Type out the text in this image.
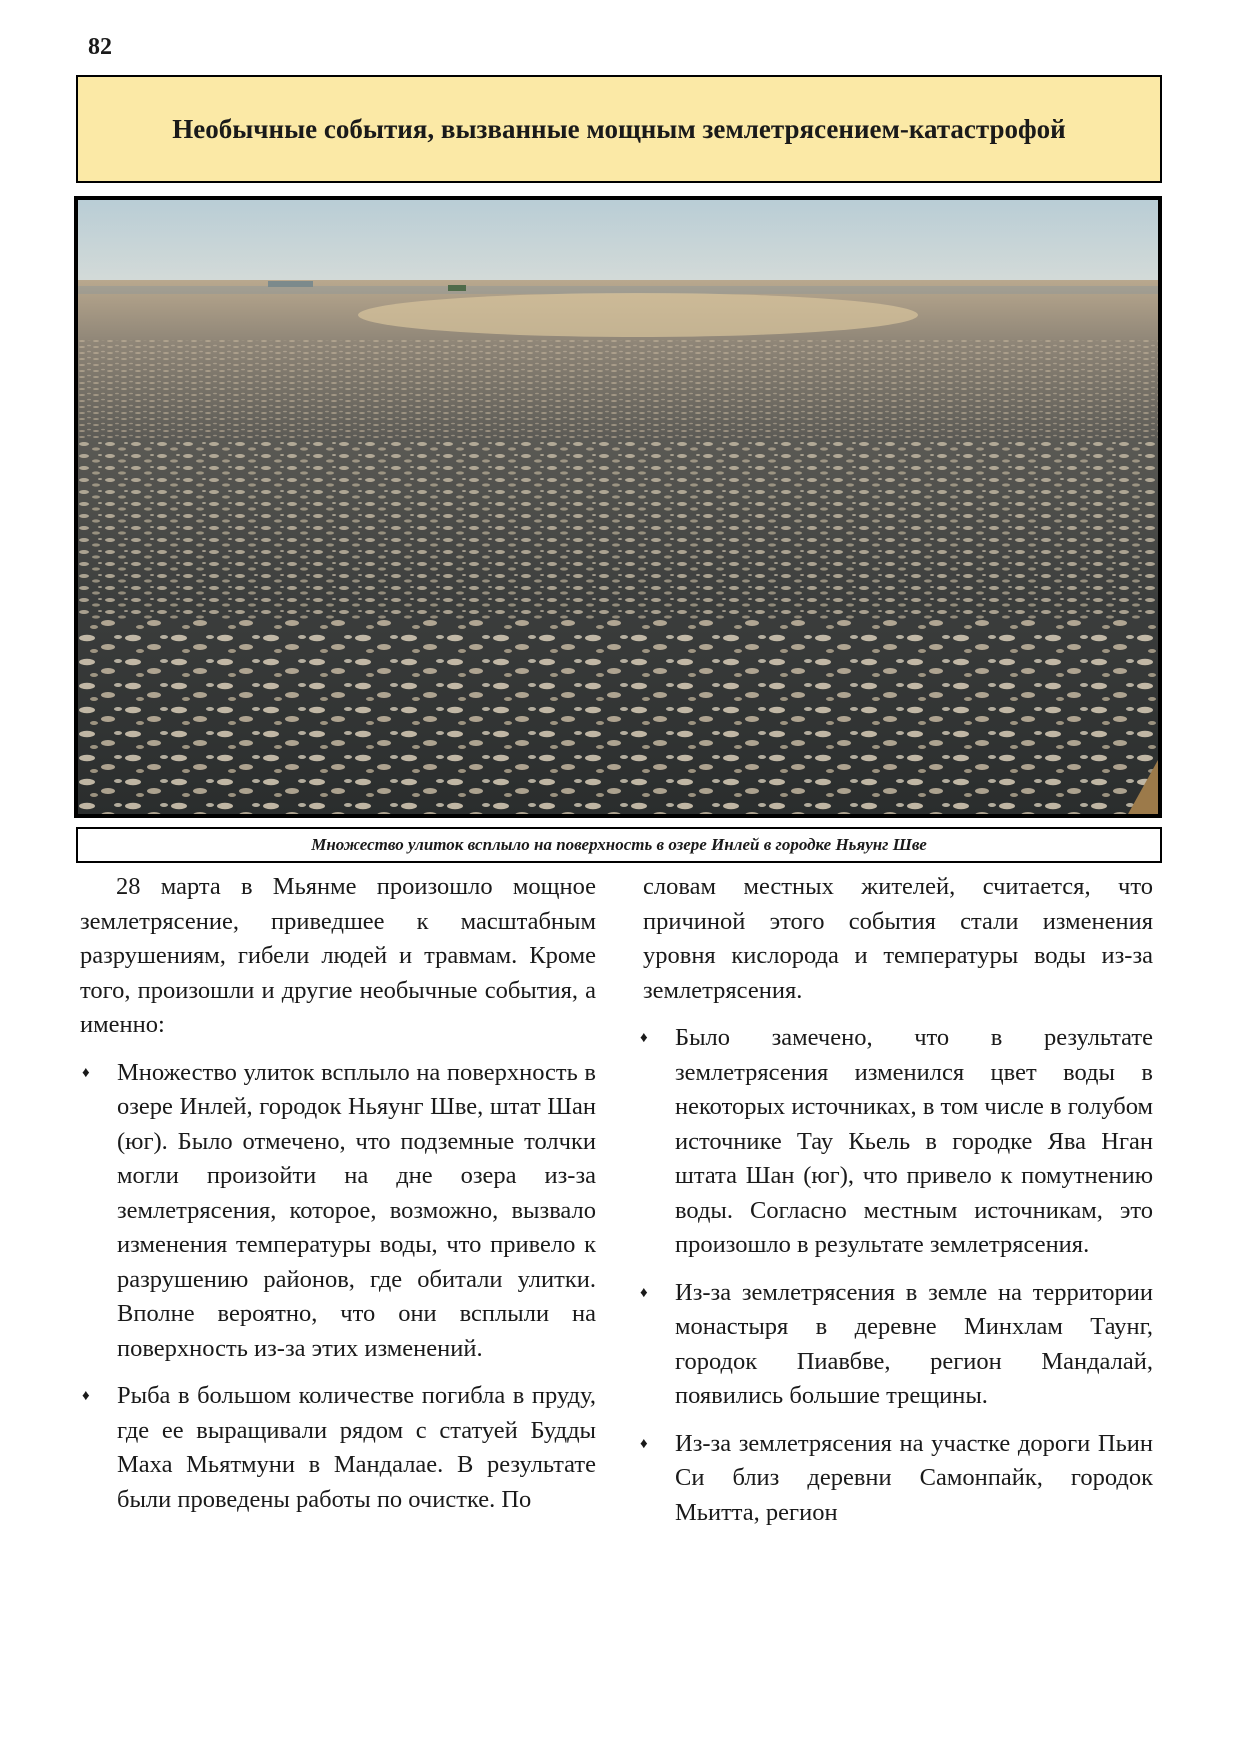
82
Необычные события, вызванные мощным землетрясением-катастрофой
Множество улиток всплыло на поверхность в озере Инлей в городке Ньяунг Шве

28 марта в Мьянме произошло мощное землетрясение, приведшее к масштабным разрушениям, гибели людей и травмам. Кроме того, произошли и другие необычные события, а именно:

♦ Множество улиток всплыло на поверхность в озере Инлей, городок Ньяунг Шве, штат Шан (юг). Было отмечено, что подземные толчки могли произойти на дне озера из-за землетрясения, которое, возможно, вызвало изменения температуры воды, что привело к разрушению районов, где обитали улитки. Вполне вероятно, что они всплыли на поверхность из-за этих изменений.
♦ Рыба в большом количестве погибла в пруду, где ее выращивали рядом с статуей Будды Маха Мьятмуни в Мандалае. В результате были проведены работы по очистке. По

словам местных жителей, считается, что причиной этого события стали изменения уровня кислорода и температуры воды из-за землетрясения.

♦ Было замечено, что в результате землетрясения изменился цвет воды в некоторых источниках, в том числе в голубом источнике Тау Кьель в городке Ява Нган штата Шан (юг), что привело к помутнению воды. Согласно местным источникам, это произошло в результате землетрясения.
♦ Из-за землетрясения в земле на территории монастыря в деревне Минхлам Таунг, городок Пиавбве, регион Мандалай, появились большие трещины.
♦ Из-за землетрясения на участке дороги Пьин Си близ деревни Самонпайк, городок Мьитта, регион
